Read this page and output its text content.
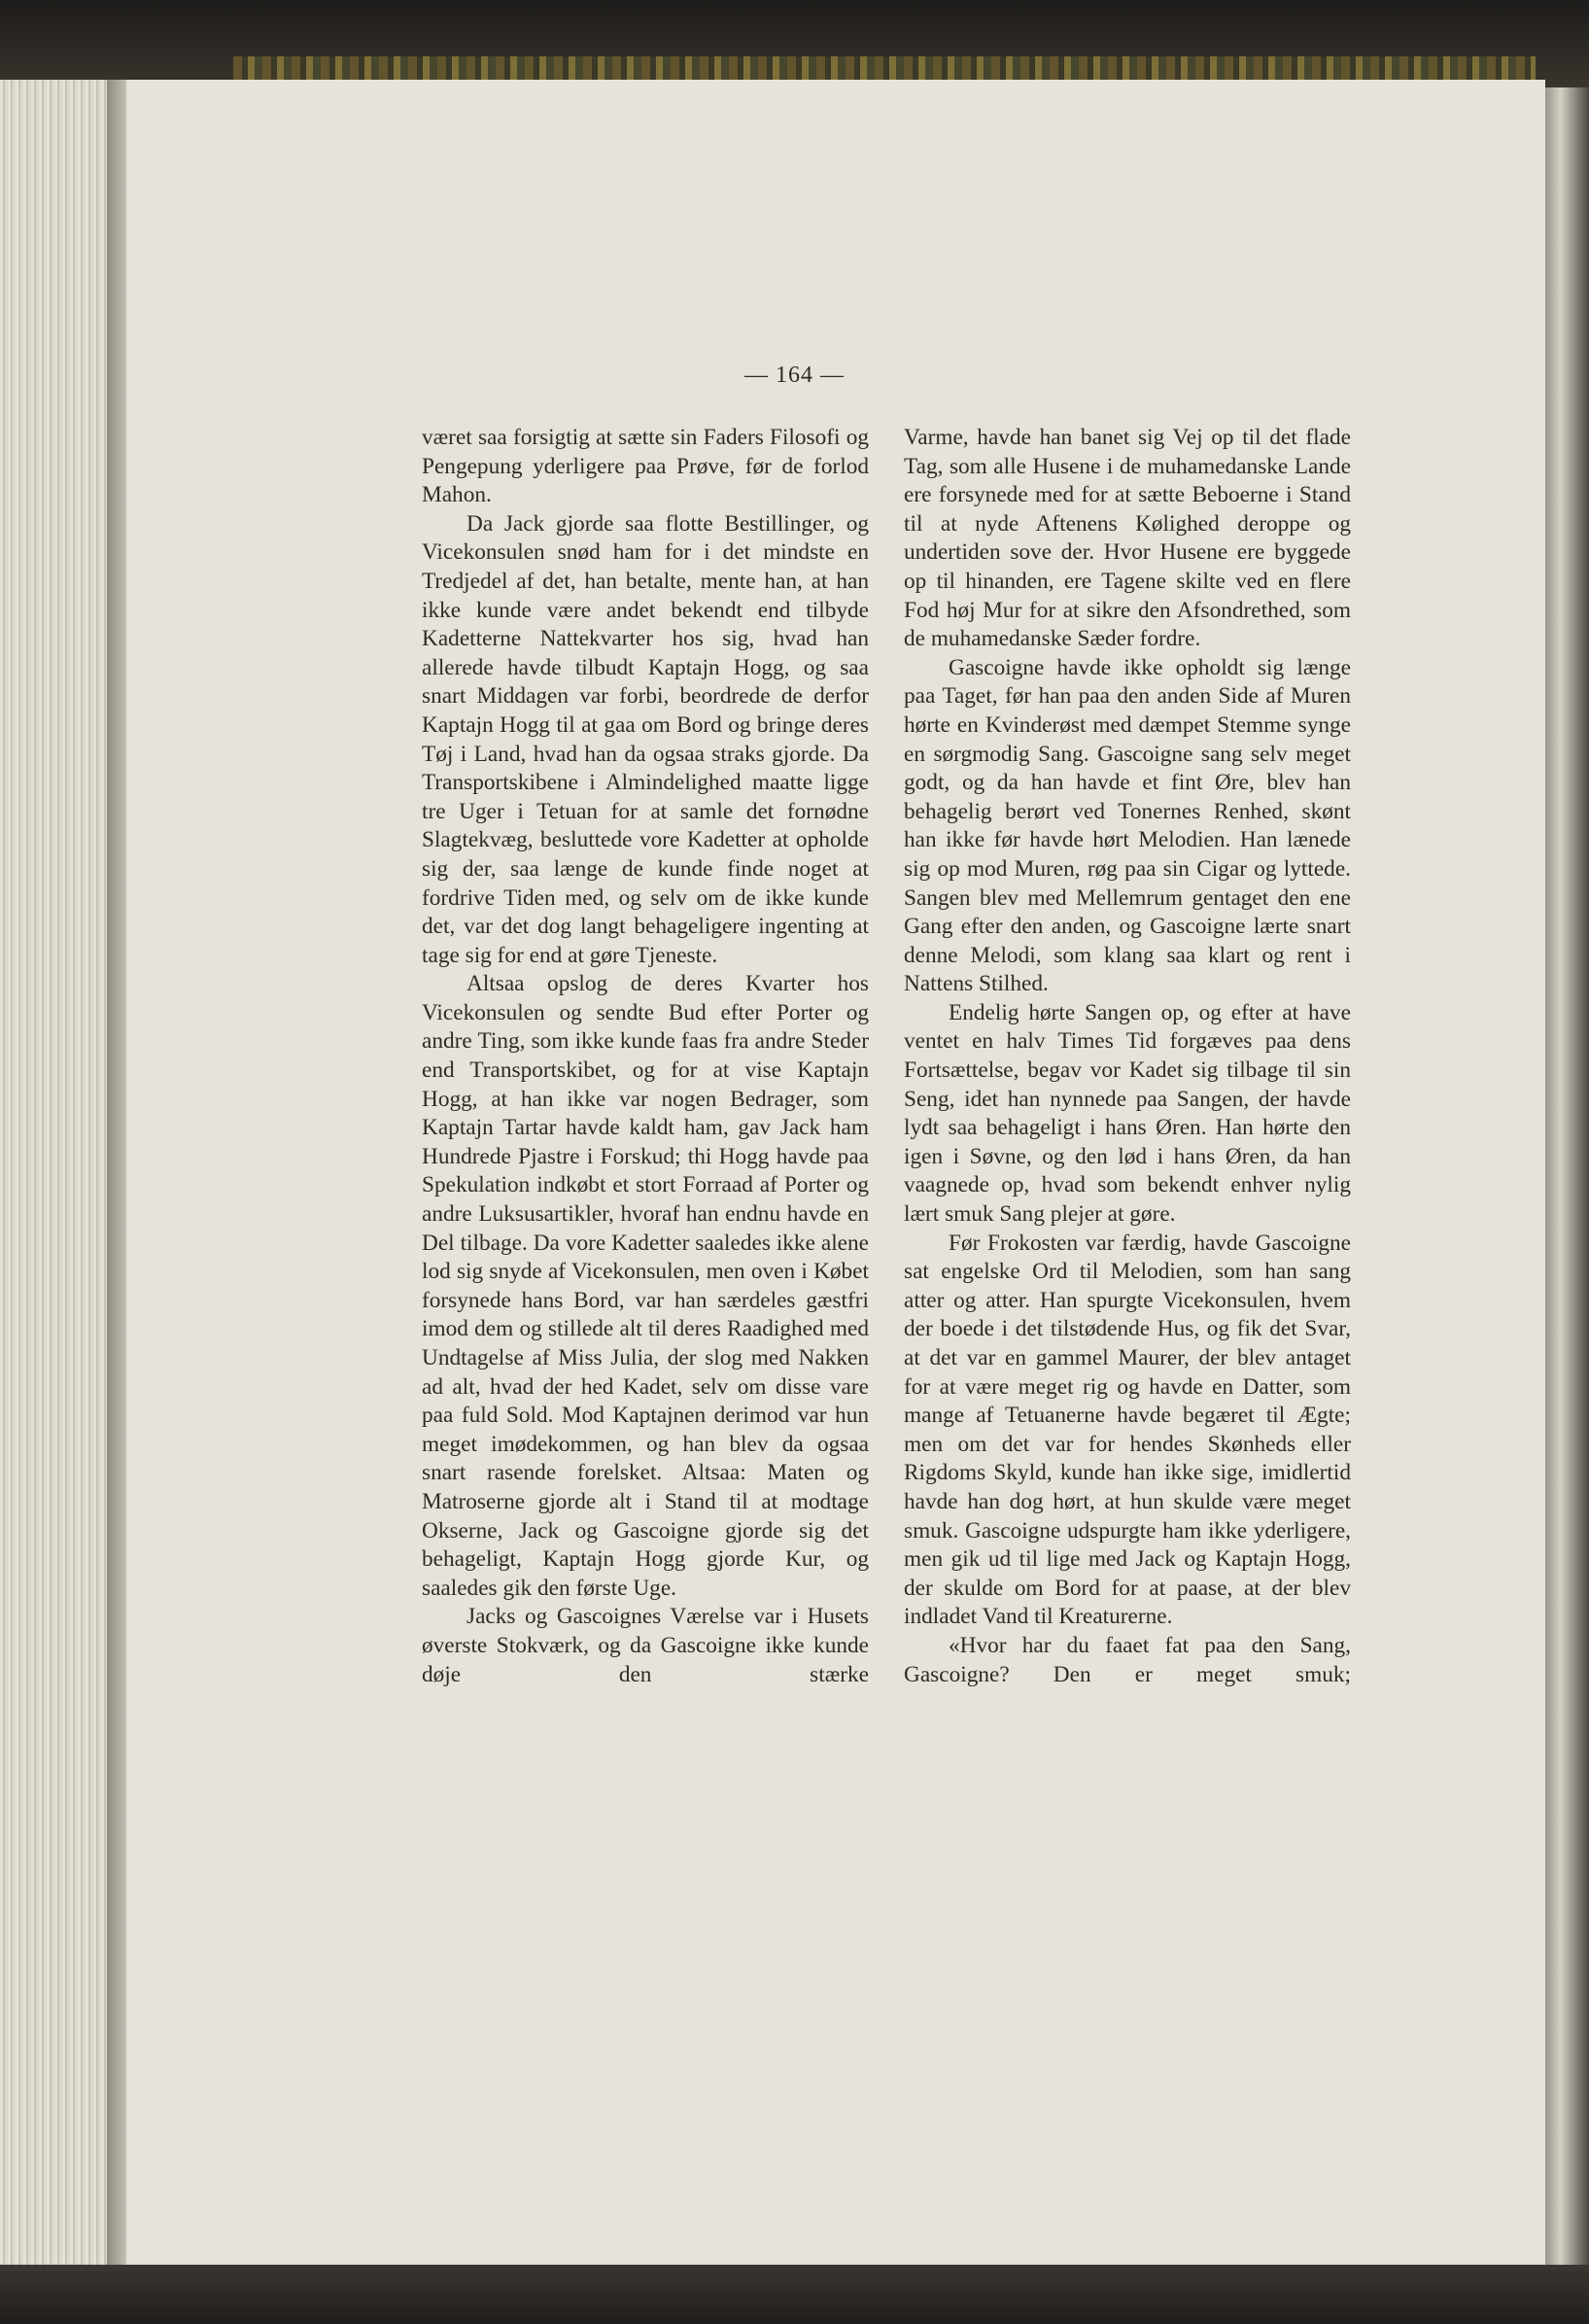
— 164 —

været saa forsigtig at sætte sin Faders Filosofi og Pengepung yderligere paa Prøve, før de forlod Mahon.

Da Jack gjorde saa flotte Bestillinger, og Vicekonsulen snød ham for i det mindste en Tredjedel af det, han betalte, mente han, at han ikke kunde være andet bekendt end tilbyde Kadetterne Nattekvarter hos sig, hvad han allerede havde tilbudt Kaptajn Hogg, og saa snart Middagen var forbi, beordrede de derfor Kaptajn Hogg til at gaa om Bord og bringe deres Tøj i Land, hvad han da ogsaa straks gjorde. Da Transportskibene i Almindelighed maatte ligge tre Uger i Tetuan for at samle det fornødne Slagtekvæg, besluttede vore Kadetter at opholde sig der, saa længe de kunde finde noget at fordrive Tiden med, og selv om de ikke kunde det, var det dog langt behageligere ingenting at tage sig for end at gøre Tjeneste.

Altsaa opslog de deres Kvarter hos Vicekonsulen og sendte Bud efter Porter og andre Ting, som ikke kunde faas fra andre Steder end Transportskibet, og for at vise Kaptajn Hogg, at han ikke var nogen Bedrager, som Kaptajn Tartar havde kaldt ham, gav Jack ham Hundrede Pjastre i Forskud; thi Hogg havde paa Spekulation indkøbt et stort Forraad af Porter og andre Luksusartikler, hvoraf han endnu havde en Del tilbage. Da vore Kadetter saaledes ikke alene lod sig snyde af Vicekonsulen, men oven i Købet forsynede hans Bord, var han særdeles gæstfri imod dem og stillede alt til deres Raadighed med Undtagelse af Miss Julia, der slog med Nakken ad alt, hvad der hed Kadet, selv om disse vare paa fuld Sold. Mod Kaptajnen derimod var hun meget imødekommen, og han blev da ogsaa snart rasende forelsket. Altsaa: Maten og Matroserne gjorde alt i Stand til at modtage Okserne, Jack og Gascoigne gjorde sig det behageligt, Kaptajn Hogg gjorde Kur, og saaledes gik den første Uge.

Jacks og Gascoignes Værelse var i Husets øverste Stokværk, og da Gascoigne ikke kunde døje den stærke

Varme, havde han banet sig Vej op til det flade Tag, som alle Husene i de muhamedanske Lande ere forsynede med for at sætte Beboerne i Stand til at nyde Aftenens Kølighed deroppe og undertiden sove der. Hvor Husene ere byggede op til hinanden, ere Tagene skilte ved en flere Fod høj Mur for at sikre den Afsondrethed, som de muhamedanske Sæder fordre.

Gascoigne havde ikke opholdt sig længe paa Taget, før han paa den anden Side af Muren hørte en Kvinderøst med dæmpet Stemme synge en sørgmodig Sang. Gascoigne sang selv meget godt, og da han havde et fint Øre, blev han behagelig berørt ved Tonernes Renhed, skønt han ikke før havde hørt Melodien. Han lænede sig op mod Muren, røg paa sin Cigar og lyttede. Sangen blev med Mellemrum gentaget den ene Gang efter den anden, og Gascoigne lærte snart denne Melodi, som klang saa klart og rent i Nattens Stilhed.

Endelig hørte Sangen op, og efter at have ventet en halv Times Tid forgæves paa dens Fortsættelse, begav vor Kadet sig tilbage til sin Seng, idet han nynnede paa Sangen, der havde lydt saa behageligt i hans Øren. Han hørte den igen i Søvne, og den lød i hans Øren, da han vaagnede op, hvad som bekendt enhver nylig lært smuk Sang plejer at gøre.

Før Frokosten var færdig, havde Gascoigne sat engelske Ord til Melodien, som han sang atter og atter. Han spurgte Vicekonsulen, hvem der boede i det tilstødende Hus, og fik det Svar, at det var en gammel Maurer, der blev antaget for at være meget rig og havde en Datter, som mange af Tetuanerne havde begæret til Ægte; men om det var for hendes Skønheds eller Rigdoms Skyld, kunde han ikke sige, imidlertid havde han dog hørt, at hun skulde være meget smuk. Gascoigne udspurgte ham ikke yderligere, men gik ud til lige med Jack og Kaptajn Hogg, der skulde om Bord for at paase, at der blev indladet Vand til Kreaturerne.

«Hvor har du faaet fat paa den Sang, Gascoigne? Den er meget smuk;
